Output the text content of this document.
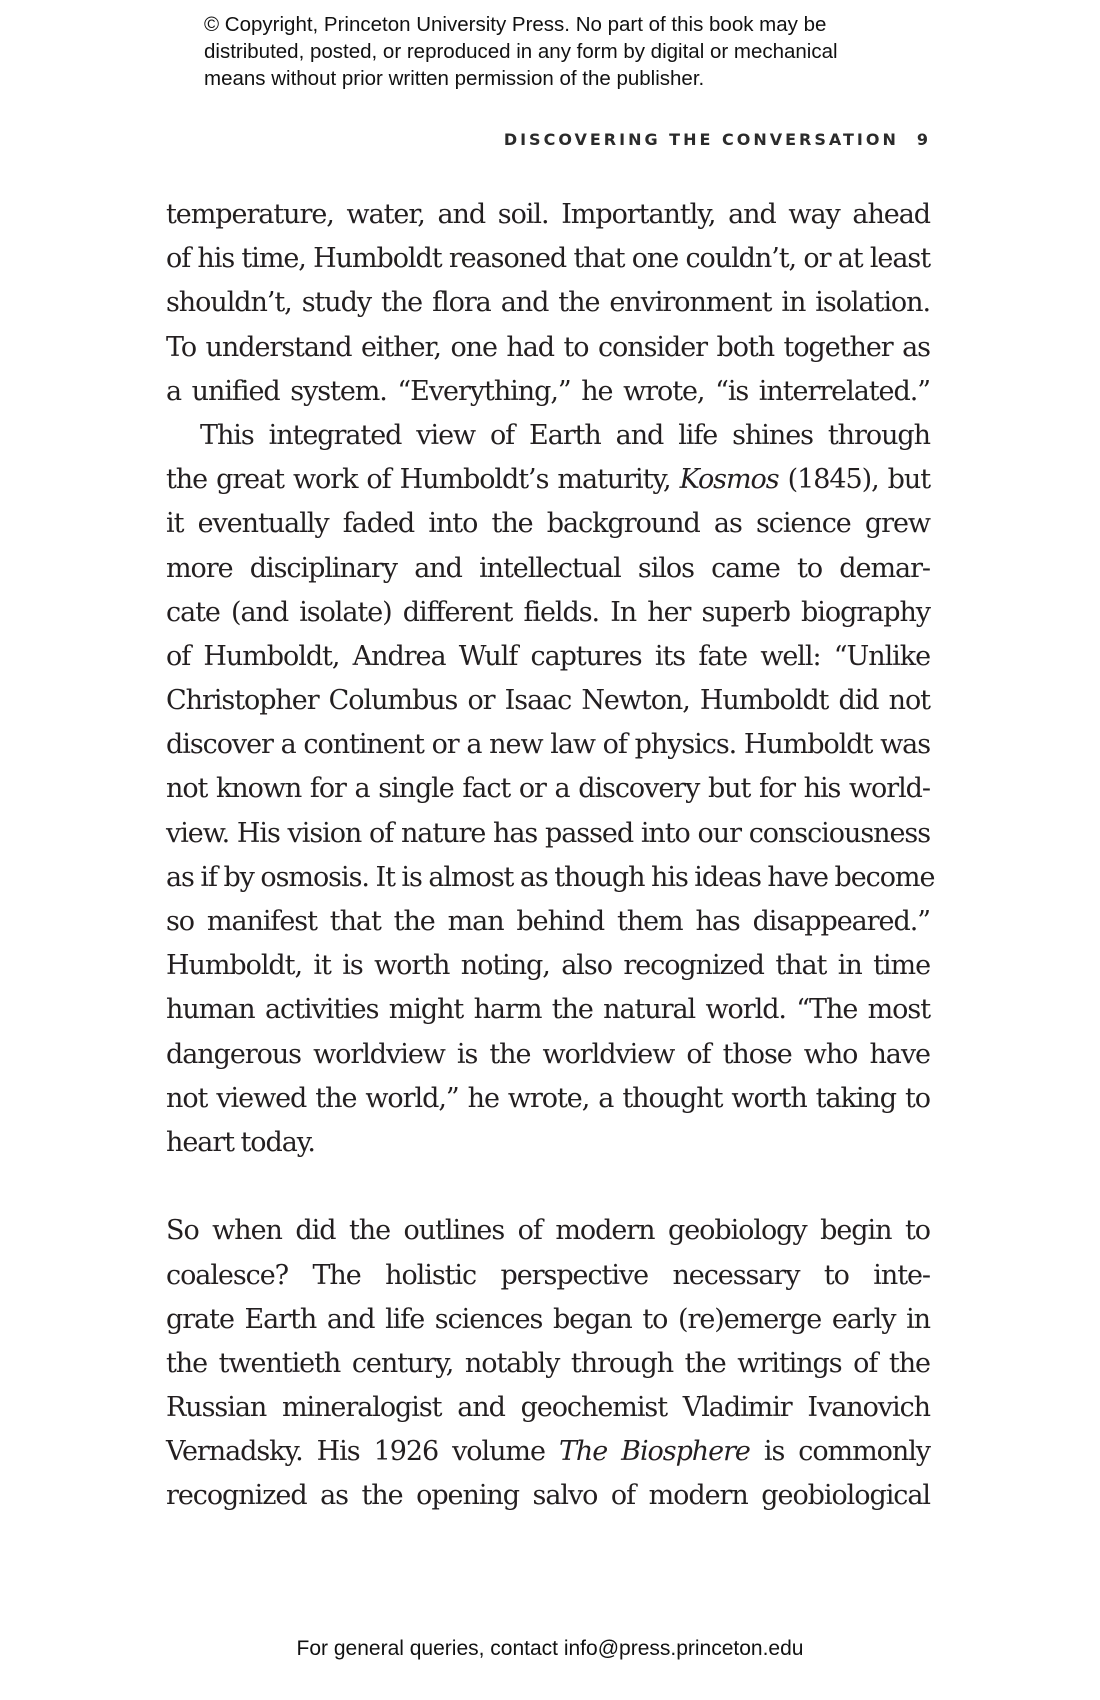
© Copyright, Princeton University Press. No part of this book may be
distributed, posted, or reproduced in any form by digital or mechanical
means without prior written permission of the publisher.
DISCOVERING THE CONVERSATION 9
temperature, water, and soil. Importantly, and way ahead
of his time, Humboldt reasoned that one couldn’t, or at least
shouldn’t, study the flora and the environment in isolation.
To understand either, one had to consider both together as
a unified system. “Everything,” he wrote, “is interrelated.”
This integrated view of Earth and life shines through
the great work of Humboldt’s maturity, Kosmos (1845), but
it eventually faded into the background as science grew
more disciplinary and intellectual silos came to demar-
cate (and isolate) different fields. In her superb biography
of Humboldt, Andrea Wulf captures its fate well: “Unlike
Christopher Columbus or Isaac Newton, Humboldt did not
discover a continent or a new law of physics. Humboldt was
not known for a single fact or a discovery but for his world-
view. His vision of nature has passed into our consciousness
as if by osmosis. It is almost as though his ideas have become
so manifest that the man behind them has disappeared.”
Humboldt, it is worth noting, also recognized that in time
human activities might harm the natural world. “The most
dangerous worldview is the worldview of those who have
not viewed the world,” he wrote, a thought worth taking to
heart today.
So when did the outlines of modern geobiology begin to
coalesce? The holistic perspective necessary to inte-
grate Earth and life sciences began to (re)emerge early in
the twentieth century, notably through the writings of the
Russian mineralogist and geochemist Vladimir Ivanovich
Vernadsky. His 1926 volume The Biosphere is commonly
recognized as the opening salvo of modern geobiological
For general queries, contact info@press.princeton.edu
